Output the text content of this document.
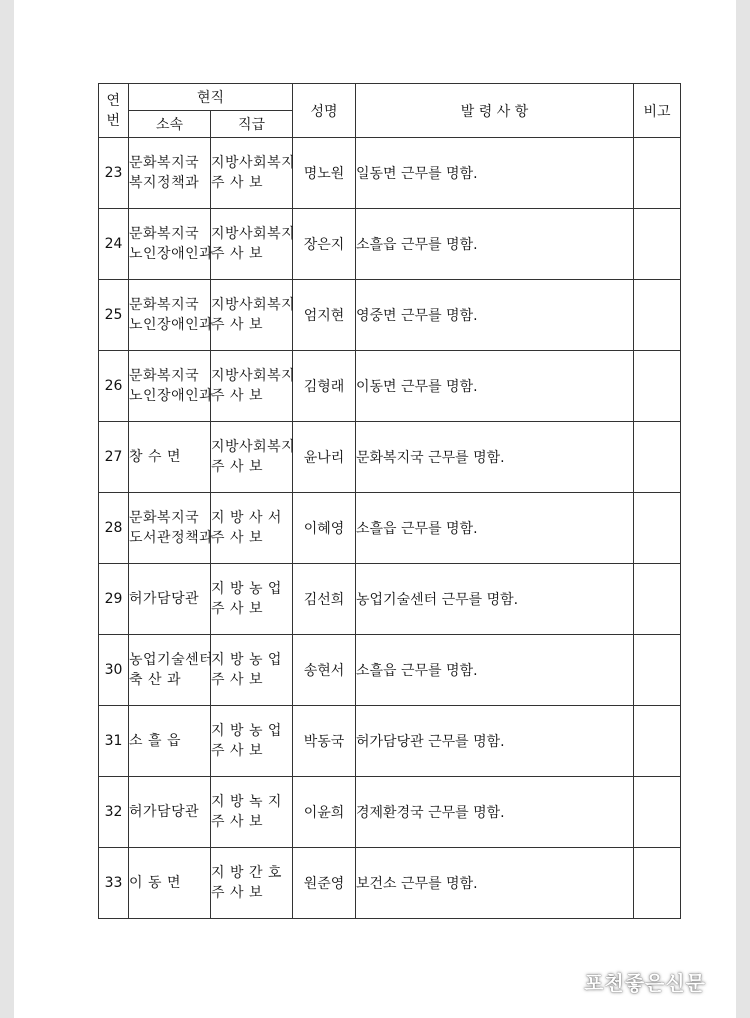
연
번	현직		성명	발 령 사 항	비고
	소속	직급			
23	문화복지국
복지정책과	지방사회복지
주 사 보	명노원	일동면 근무를 명함.	
24	문화복지국
노인장애인과	지방사회복지
주 사 보	장은지	소흘읍 근무를 명함.	
25	문화복지국
노인장애인과	지방사회복지
주 사 보	엄지현	영중면 근무를 명함.	
26	문화복지국
노인장애인과	지방사회복지
주 사 보	김형래	이동면 근무를 명함.	
27	창 수 면	지방사회복지
주 사 보	윤나리	문화복지국 근무를 명함.	
28	문화복지국
도서관정책과	지 방 사 서
주 사 보	이혜영	소흘읍 근무를 명함.	
29	허가담당관	지 방 농 업
주 사 보	김선희	농업기술센터 근무를 명함.	
30	농업기술센터
축 산 과	지 방 농 업
주 사 보	송현서	소흘읍 근무를 명함.	
31	소 흘 읍	지 방 농 업
주 사 보	박동국	허가담당관 근무를 명함.	
32	허가담당관	지 방 녹 지
주 사 보	이윤희	경제환경국 근무를 명함.	
33	이 동 면	지 방 간 호
주 사 보	원준영	보건소 근무를 명함.	
포천좋은신문
